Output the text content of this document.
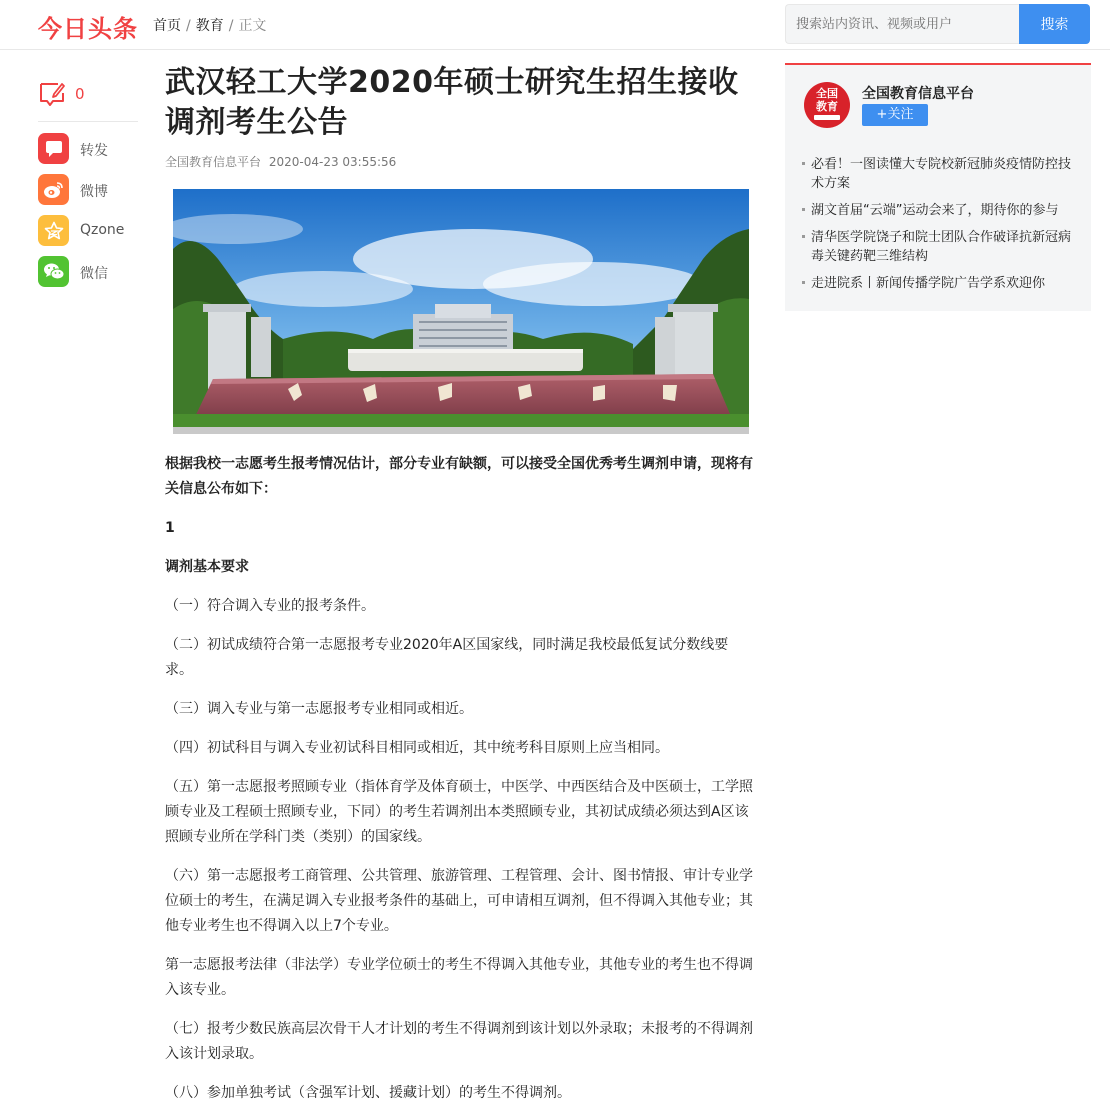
今日头条 首页 / 教育 / 正文
搜索站内资讯、视频或用户	搜索
0
转发
微博
Qzone
微信
武汉轻工大学2020年硕士研究生招生接收调剂考生公告
全国教育信息平台 2020-04-23 03:55:56

根据我校一志愿考生报考情况估计，部分专业有缺额，可以接受全国优秀考生调剂申请，现将有关信息公布如下：

1

调剂基本要求

（一）符合调入专业的报考条件。

（二）初试成绩符合第一志愿报考专业2020年A区国家线，同时满足我校最低复试分数线要求。

（三）调入专业与第一志愿报考专业相同或相近。

（四）初试科目与调入专业初试科目相同或相近，其中统考科目原则上应当相同。

（五）第一志愿报考照顾专业（指体育学及体育硕士，中医学、中西医结合及中医硕士，工学照顾专业及工程硕士照顾专业，下同）的考生若调剂出本类照顾专业，其初试成绩必须达到A区该照顾专业所在学科门类（类别）的国家线。

（六）第一志愿报考工商管理、公共管理、旅游管理、工程管理、会计、图书情报、审计专业学位硕士的考生，在满足调入专业报考条件的基础上，可申请相互调剂，但不得调入其他专业；其他专业考生也不得调入以上7个专业。

第一志愿报考法律（非法学）专业学位硕士的考生不得调入其他专业，其他专业的考生也不得调入该专业。

（七）报考少数民族高层次骨干人才计划的考生不得调剂到该计划以外录取；未报考的不得调剂入该计划录取。

（八）参加单独考试（含强军计划、援藏计划）的考生不得调剂。

全国
教育
全国教育信息平台
+关注
必看！一图读懂大专院校新冠肺炎疫情防控技术方案
湖文首届“云端”运动会来了，期待你的参与
清华医学院饶子和院士团队合作破译抗新冠病毒关键药靶三维结构
走进院系丨新闻传播学院广告学系欢迎你
